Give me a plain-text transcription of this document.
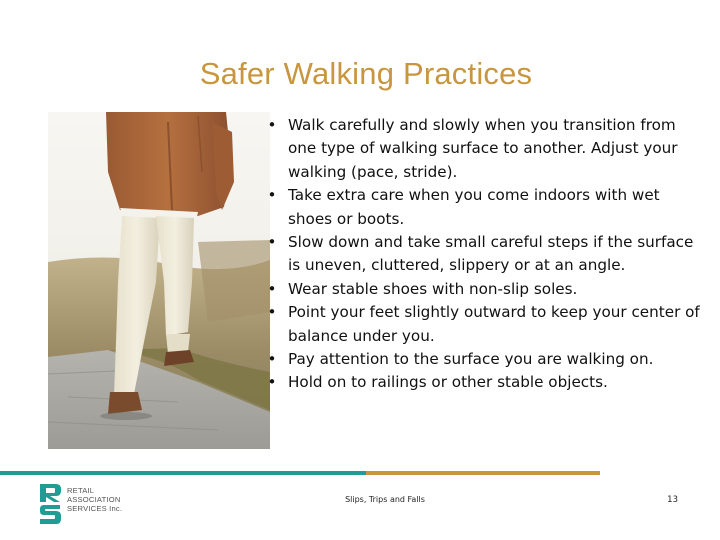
Safer Walking Practices
• Walk carefully and slowly when you transition from one type of walking surface to another. Adjust your walking (pace, stride).
• Take extra care when you come indoors with wet shoes or boots.
• Slow down and take small careful steps if the surface is uneven, cluttered, slippery or at an angle.
• Wear stable shoes with non-slip soles.
• Point your feet slightly outward to keep your center of balance under you.
• Pay attention to the surface you are walking on.
• Hold on to railings or other stable objects.
RETAIL
ASSOCIATION
SERVICES Inc.
Slips, Trips and Falls	13
